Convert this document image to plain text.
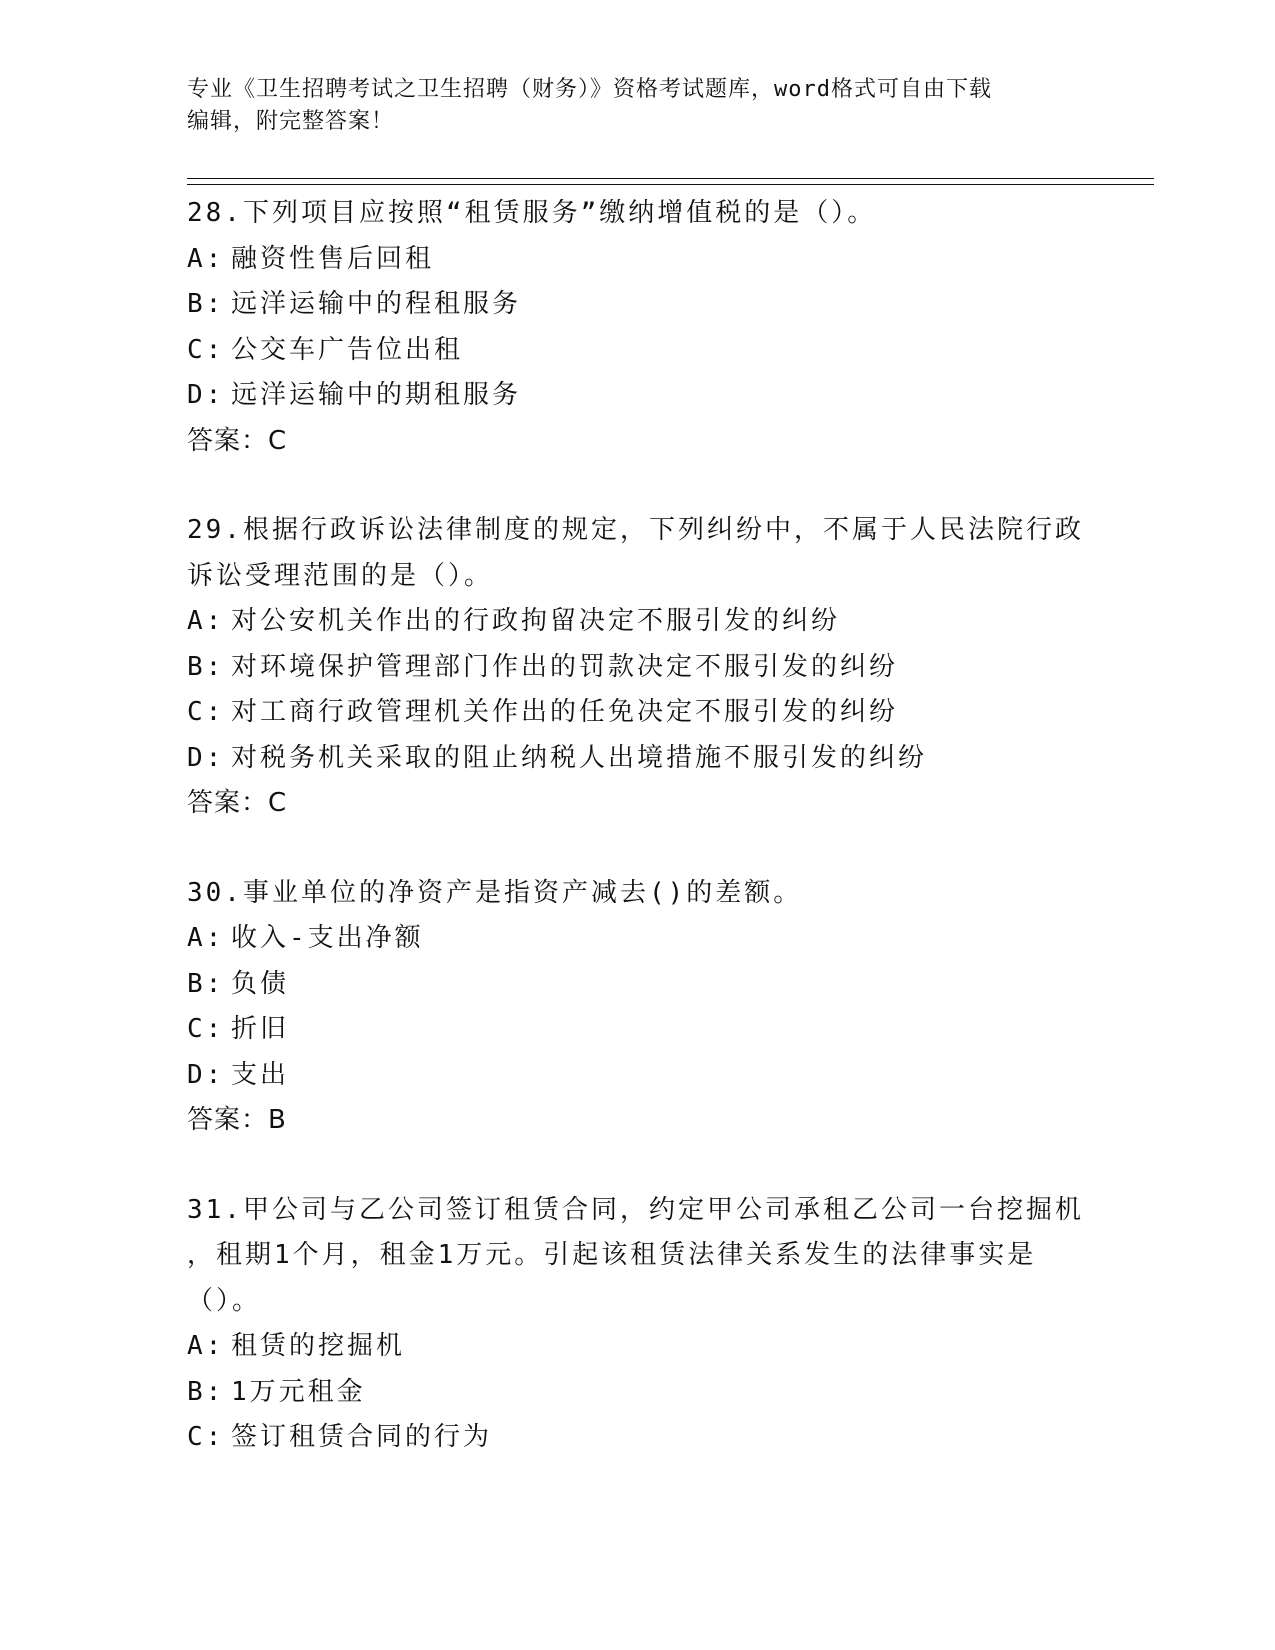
专业《卫生招聘考试之卫生招聘（财务）》资格考试题库，word格式可自由下载
编辑，附完整答案！
28.下列项目应按照“租赁服务”缴纳增值税的是（）。
A: 融资性售后回租
B: 远洋运输中的程租服务
C: 公交车广告位出租
D: 远洋运输中的期租服务
答案：C
29.根据行政诉讼法律制度的规定，下列纠纷中，不属于人民法院行政
诉讼受理范围的是（）。
A: 对公安机关作出的行政拘留决定不服引发的纠纷
B: 对环境保护管理部门作出的罚款决定不服引发的纠纷
C: 对工商行政管理机关作出的任免决定不服引发的纠纷
D: 对税务机关采取的阻止纳税人出境措施不服引发的纠纷
答案：C
30.事业单位的净资产是指资产减去()的差额。
A: 收入-支出净额
B: 负债
C: 折旧
D: 支出
答案：B
31.甲公司与乙公司签订租赁合同，约定甲公司承租乙公司一台挖掘机
，租期1个月，租金1万元。引起该租赁法律关系发生的法律事实是
（）。
A: 租赁的挖掘机
B: 1万元租金
C: 签订租赁合同的行为
